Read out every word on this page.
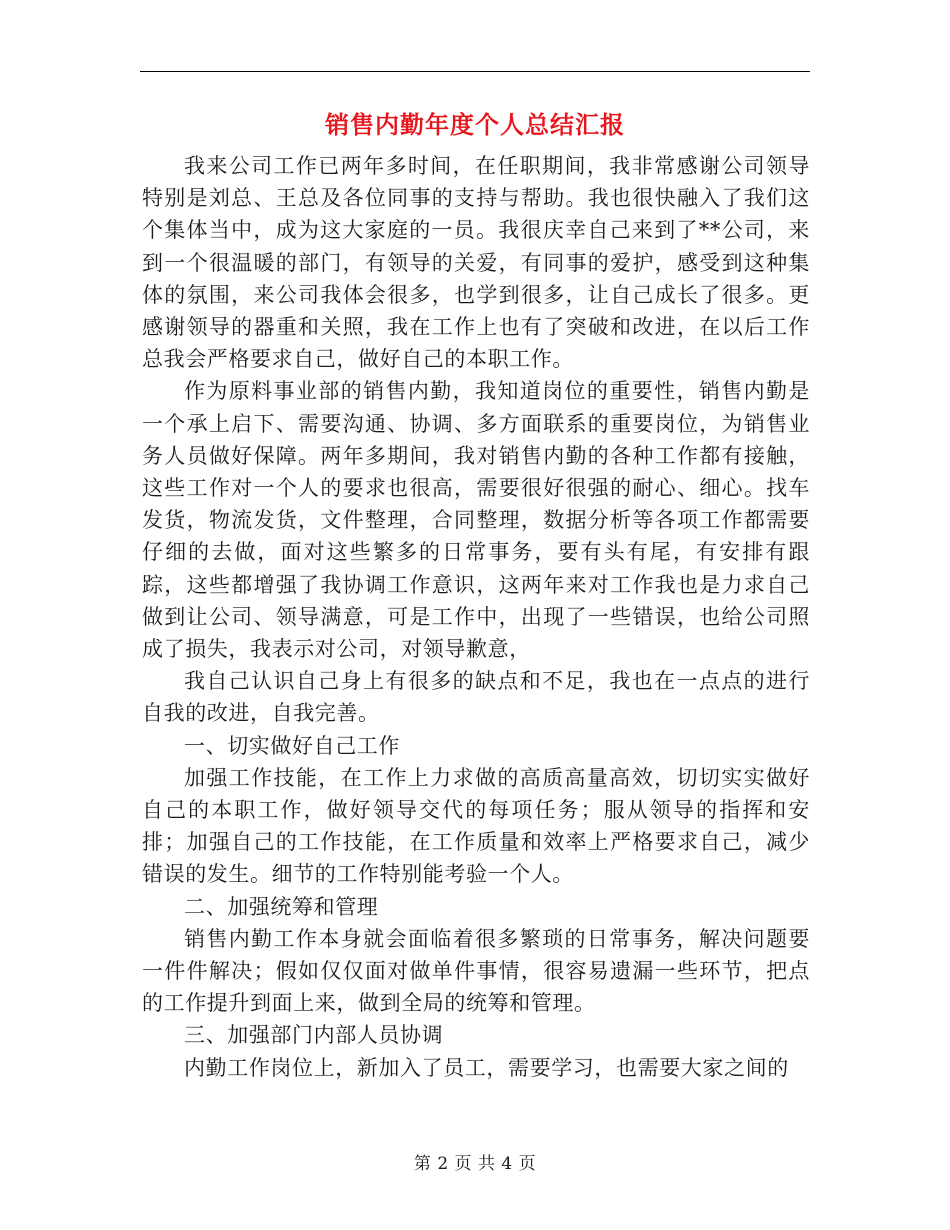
销售内勤年度个人总结汇报

我来公司工作已两年多时间，在任职期间，我非常感谢公司领导特别是刘总、王总及各位同事的支持与帮助。我也很快融入了我们这个集体当中，成为这大家庭的一员。我很庆幸自己来到了**公司，来到一个很温暖的部门，有领导的关爱，有同事的爱护，感受到这种集体的氛围，来公司我体会很多，也学到很多，让自己成长了很多。更感谢领导的器重和关照，我在工作上也有了突破和改进，在以后工作总我会严格要求自己，做好自己的本职工作。

作为原料事业部的销售内勤，我知道岗位的重要性，销售内勤是一个承上启下、需要沟通、协调、多方面联系的重要岗位，为销售业务人员做好保障。两年多期间，我对销售内勤的各种工作都有接触，这些工作对一个人的要求也很高，需要很好很强的耐心、细心。找车发货，物流发货，文件整理，合同整理，数据分析等各项工作都需要仔细的去做，面对这些繁多的日常事务，要有头有尾，有安排有跟踪，这些都增强了我协调工作意识，这两年来对工作我也是力求自己做到让公司、领导满意，可是工作中，出现了一些错误，也给公司照成了损失，我表示对公司，对领导歉意，

我自己认识自己身上有很多的缺点和不足，我也在一点点的进行自我的改进，自我完善。

一、切实做好自己工作

加强工作技能，在工作上力求做的高质高量高效，切切实实做好自己的本职工作，做好领导交代的每项任务；服从领导的指挥和安排；加强自己的工作技能，在工作质量和效率上严格要求自己，减少错误的发生。细节的工作特别能考验一个人。

二、加强统筹和管理

销售内勤工作本身就会面临着很多繁琐的日常事务，解决问题要一件件解决；假如仅仅面对做单件事情，很容易遗漏一些环节，把点的工作提升到面上来，做到全局的统筹和管理。

三、加强部门内部人员协调

内勤工作岗位上，新加入了员工，需要学习，也需要大家之间的

第 2 页 共 4 页
